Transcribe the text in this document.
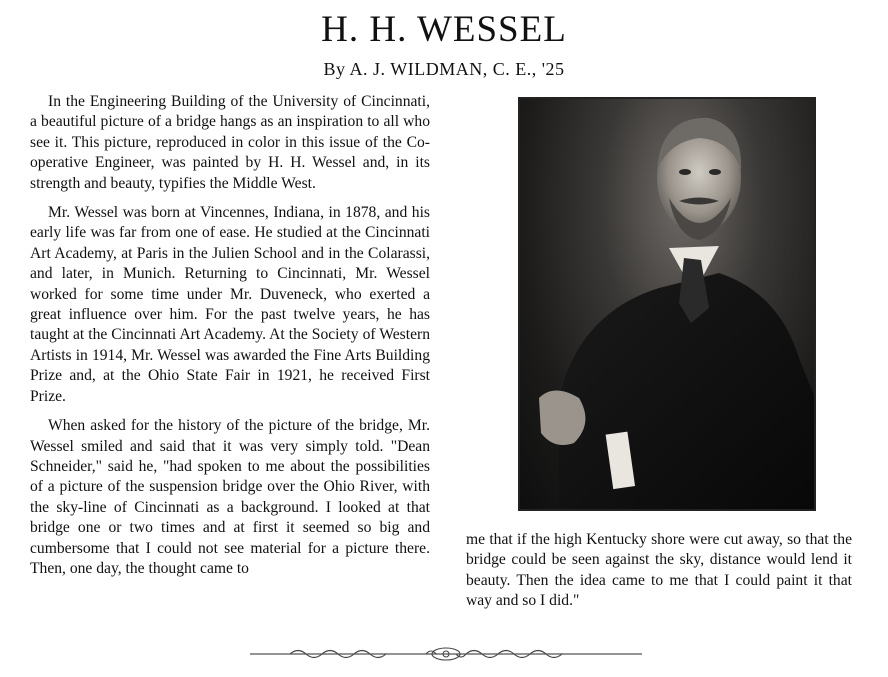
H. H. WESSEL
By A. J. WILDMAN, C. E., '25

In the Engineering Building of the University of Cincinnati, a beautiful picture of a bridge hangs as an inspiration to all who see it. This picture, reproduced in color in this issue of the Co-operative Engineer, was painted by H. H. Wessel and, in its strength and beauty, typifies the Middle West.

Mr. Wessel was born at Vincennes, Indiana, in 1878, and his early life was far from one of ease. He studied at the Cincinnati Art Academy, at Paris in the Julien School and in the Colarassi, and later, in Munich. Returning to Cincinnati, Mr. Wessel worked for some time under Mr. Duveneck, who exerted a great influence over him. For the past twelve years, he has taught at the Cincinnati Art Academy. At the Society of Western Artists in 1914, Mr. Wessel was awarded the Fine Arts Building Prize and, at the Ohio State Fair in 1921, he received First Prize.

When asked for the history of the picture of the bridge, Mr. Wessel smiled and said that it was very simply told. "Dean Schneider," said he, "had spoken to me about the possibilities of a picture of the suspension bridge over the Ohio River, with the sky-line of Cincinnati as a background. I looked at that bridge one or two times and at first it seemed so big and cumbersome that I could not see material for a picture there. Then, one day, the thought came to

me that if the high Kentucky shore were cut away, so that the bridge could be seen against the sky, distance would lend it beauty. Then the idea came to me that I could paint it that way and so I did."
